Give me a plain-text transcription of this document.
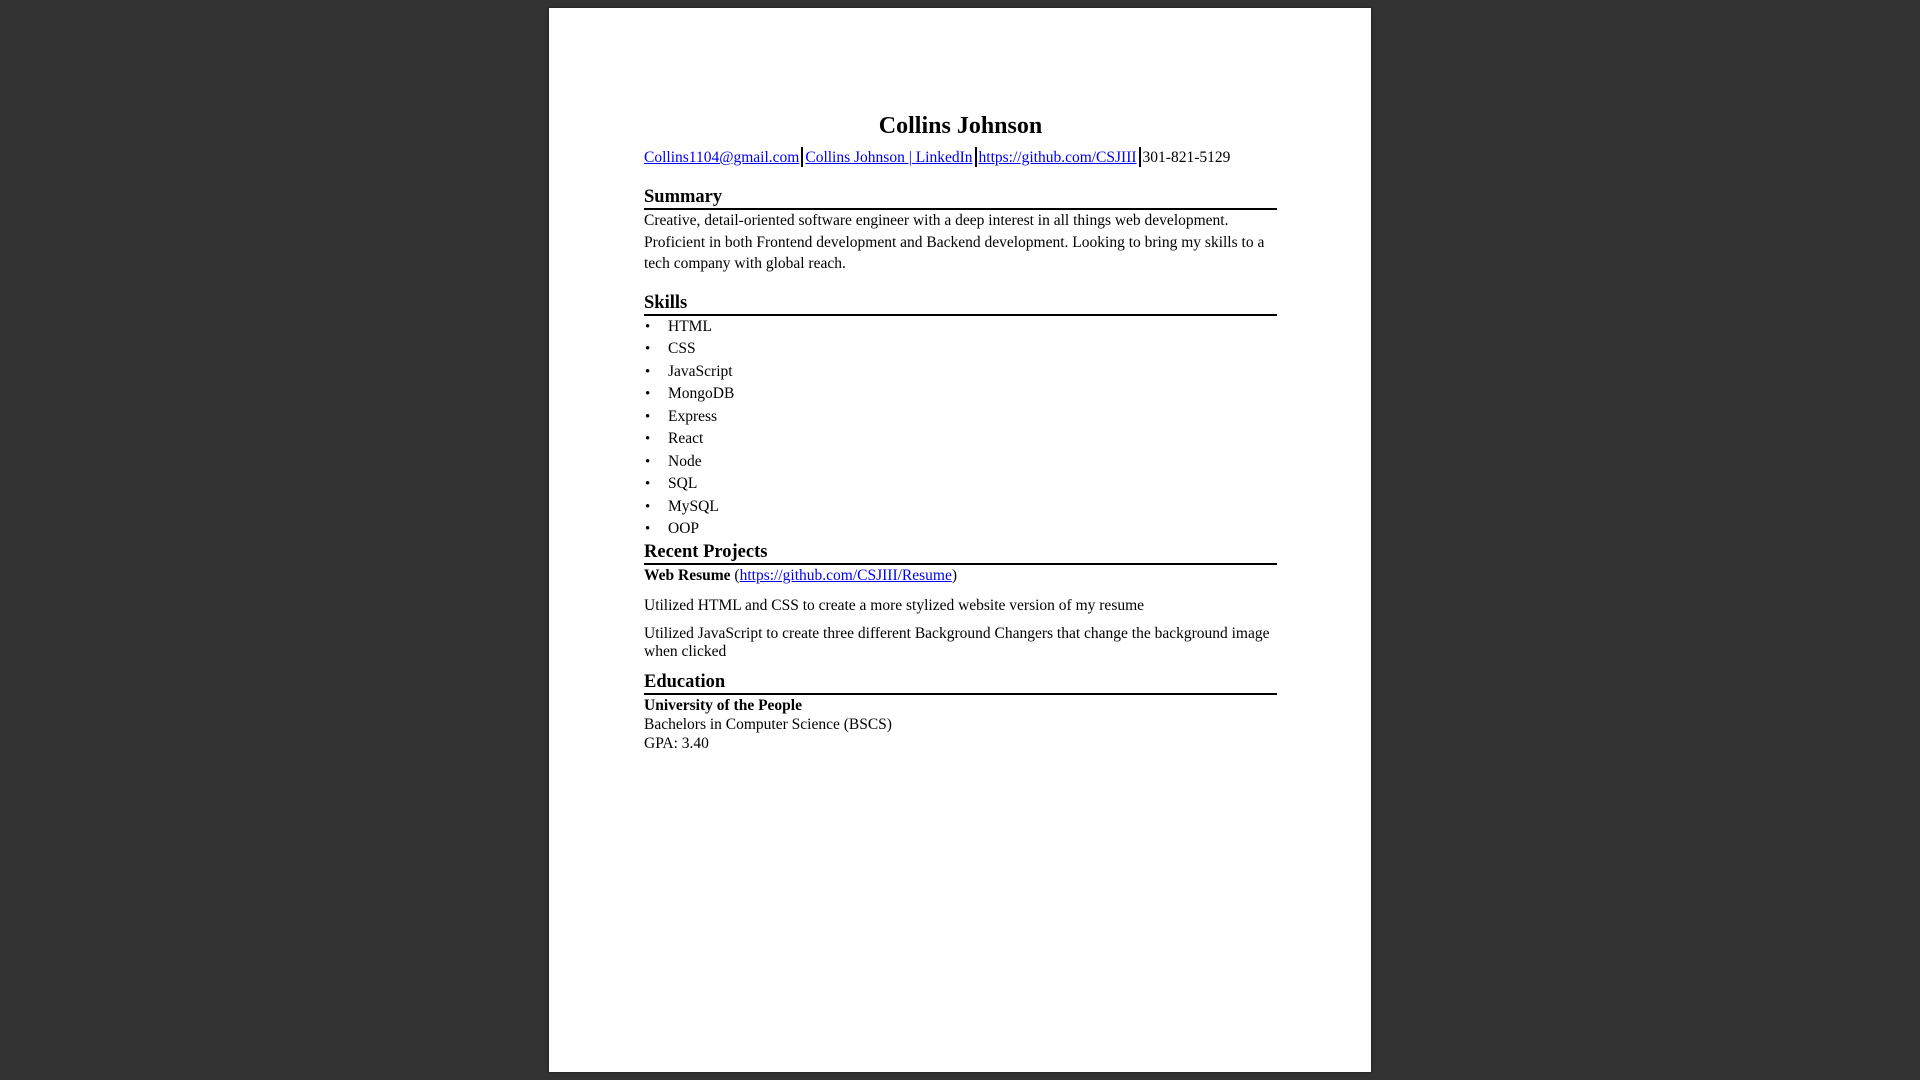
Collins Johnson
Collins1104@gmail.com Collins Johnson | LinkedIn https://github.com/CSJIII 301-821-5129
Summary

Creative, detail-oriented software engineer with a deep interest in all things web development. Proficient in both Frontend development and Backend development. Looking to bring my skills to a tech company with global reach.

Skills
• HTML
• CSS
• JavaScript
• MongoDB
• Express
• React
• Node
• SQL
• MySQL
• OOP
Recent Projects
Web Resume (https://github.com/CSJIII/Resume)

Utilized HTML and CSS to create a more stylized website version of my resume

Utilized JavaScript to create three different Background Changers that change the background image when clicked

Education
University of the People
Bachelors in Computer Science (BSCS)
GPA: 3.40
